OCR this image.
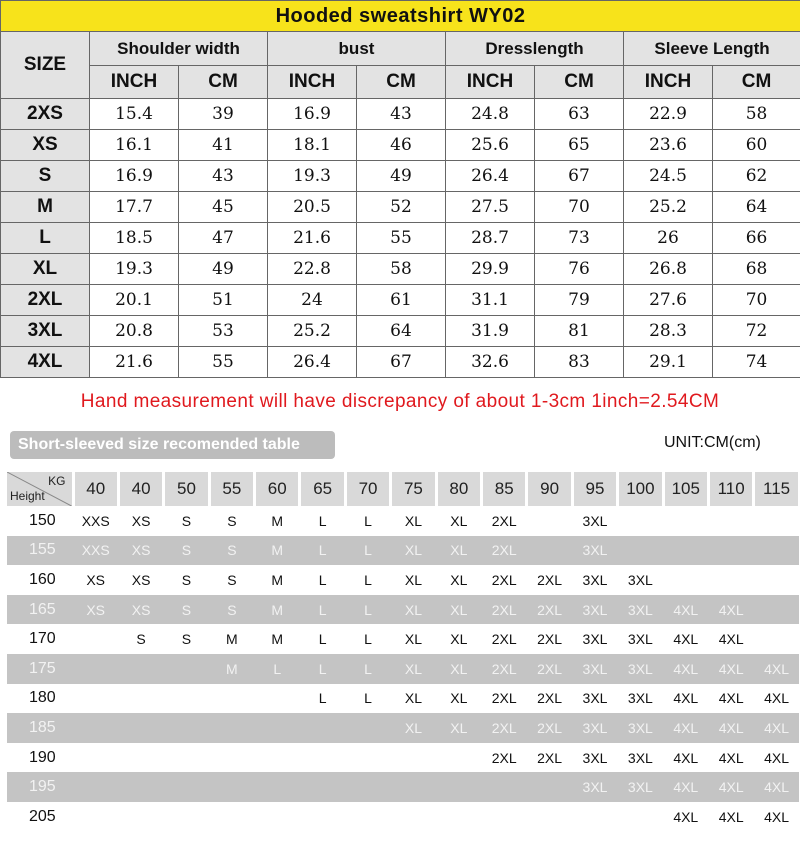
Hooded sweatshirt WY02								
SIZE	Shoulder width		bust		Dresslength		Sleeve Length	
	INCH	CM	INCH	CM	INCH	CM	INCH	CM
2XS	15.4	39	16.9	43	24.8	63	22.9	58
XS	16.1	41	18.1	46	25.6	65	23.6	60
S	16.9	43	19.3	49	26.4	67	24.5	62
M	17.7	45	20.5	52	27.5	70	25.2	64
L	18.5	47	21.6	55	28.7	73	26	66
XL	19.3	49	22.8	58	29.9	76	26.8	68
2XL	20.1	51	24	61	31.1	79	27.6	70
3XL	20.8	53	25.2	64	31.9	81	28.3	72
4XL	21.6	55	26.4	67	32.6	83	29.1	74
Hand measurement will have discrepancy of about 1-3cm 1inch=2.54CM
Short-sleeved size recomended table	UNIT:CM(cm)
KG
Height	40	40	50	55	60	65	70	75	80	85	90	95	100	105	110	115
150	XXS	XS	S	S	M	L	L	XL	XL	2XL		3XL				
155	XXS	XS	S	S	M	L	L	XL	XL	2XL		3XL				
160	XS	XS	S	S	M	L	L	XL	XL	2XL	2XL	3XL	3XL			
165	XS	XS	S	S	M	L	L	XL	XL	2XL	2XL	3XL	3XL	4XL	4XL	
170		S	S	M	M	L	L	XL	XL	2XL	2XL	3XL	3XL	4XL	4XL	
175				M	L	L	L	XL	XL	2XL	2XL	3XL	3XL	4XL	4XL	4XL
180						L	L	XL	XL	2XL	2XL	3XL	3XL	4XL	4XL	4XL
185								XL	XL	2XL	2XL	3XL	3XL	4XL	4XL	4XL
190										2XL	2XL	3XL	3XL	4XL	4XL	4XL
195												3XL	3XL	4XL	4XL	4XL
205														4XL	4XL	4XL
